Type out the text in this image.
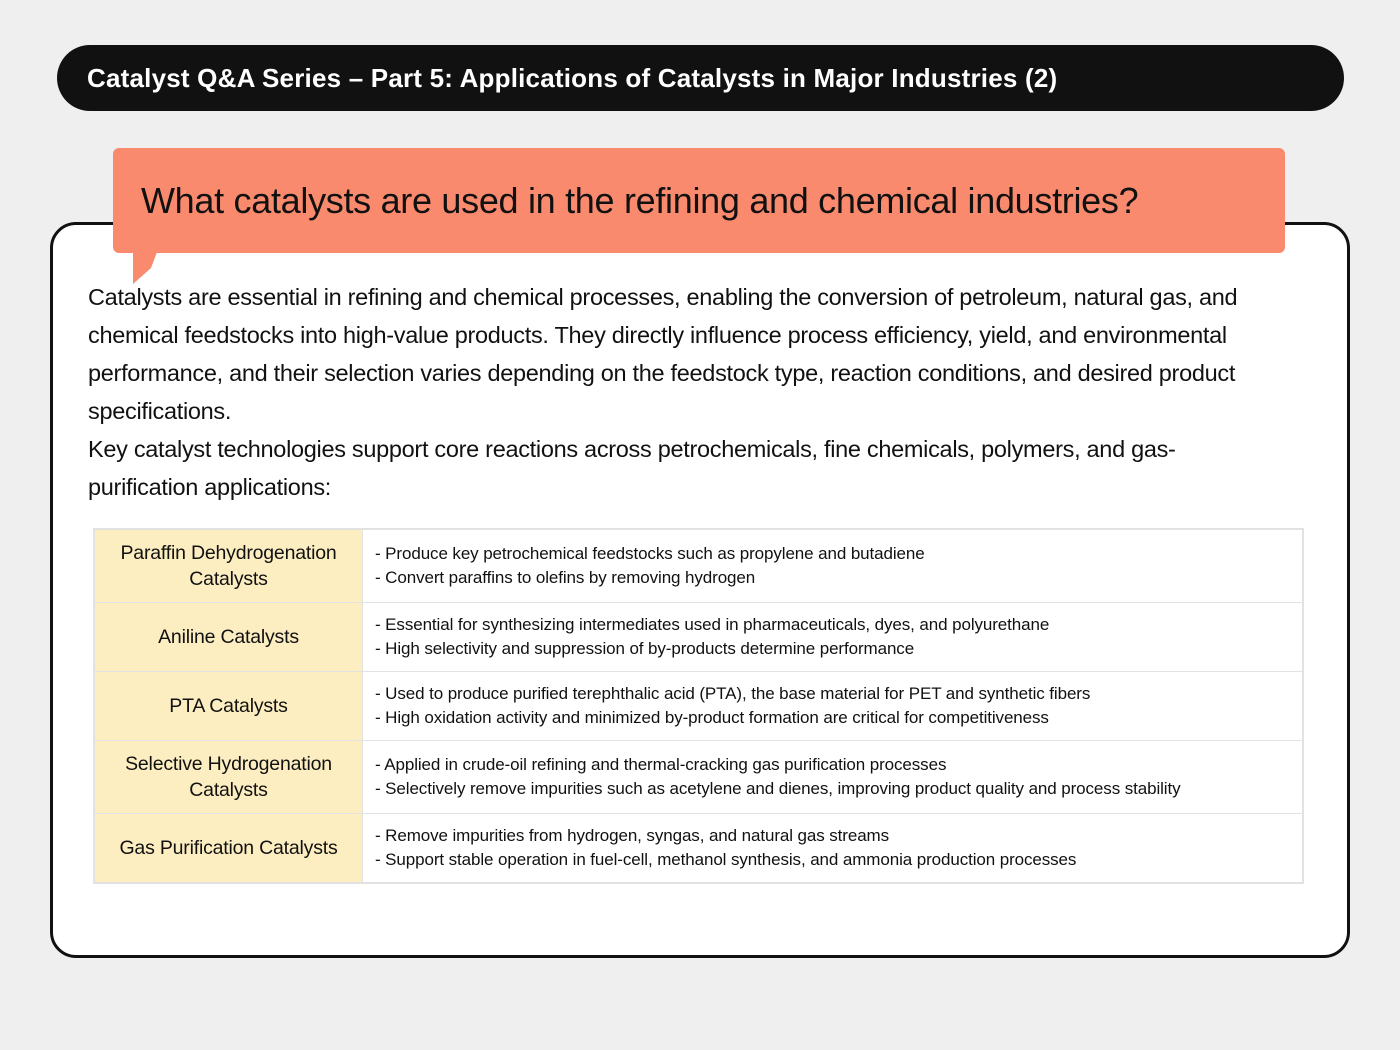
Catalyst Q&A Series – Part 5: Applications of Catalysts in Major Industries (2)
What catalysts are used in the refining and chemical industries?

Catalysts are essential in refining and chemical processes, enabling the conversion of petroleum, natural gas, and chemical feedstocks into high-value products. They directly influence process efficiency, yield, and environmental performance, and their selection varies depending on the feedstock type, reaction conditions, and desired product specifications.

Key catalyst technologies support core reactions across petrochemicals, fine chemicals, polymers, and gas-purification applications:

Paraffin Dehydrogenation Catalysts	- Produce key petrochemical feedstocks such as propylene and butadiene
- Convert paraffins to olefins by removing hydrogen

Aniline Catalysts	- Essential for synthesizing intermediates used in pharmaceuticals, dyes, and polyurethane
- High selectivity and suppression of by-products determine performance

PTA Catalysts	- Used to produce purified terephthalic acid (PTA), the base material for PET and synthetic fibers
- High oxidation activity and minimized by-product formation are critical for competitiveness

Selective Hydrogenation Catalysts	- Applied in crude-oil refining and thermal-cracking gas purification processes
- Selectively remove impurities such as acetylene and dienes, improving product quality and process stability

Gas Purification Catalysts	- Remove impurities from hydrogen, syngas, and natural gas streams
- Support stable operation in fuel-cell, methanol synthesis, and ammonia production processes
